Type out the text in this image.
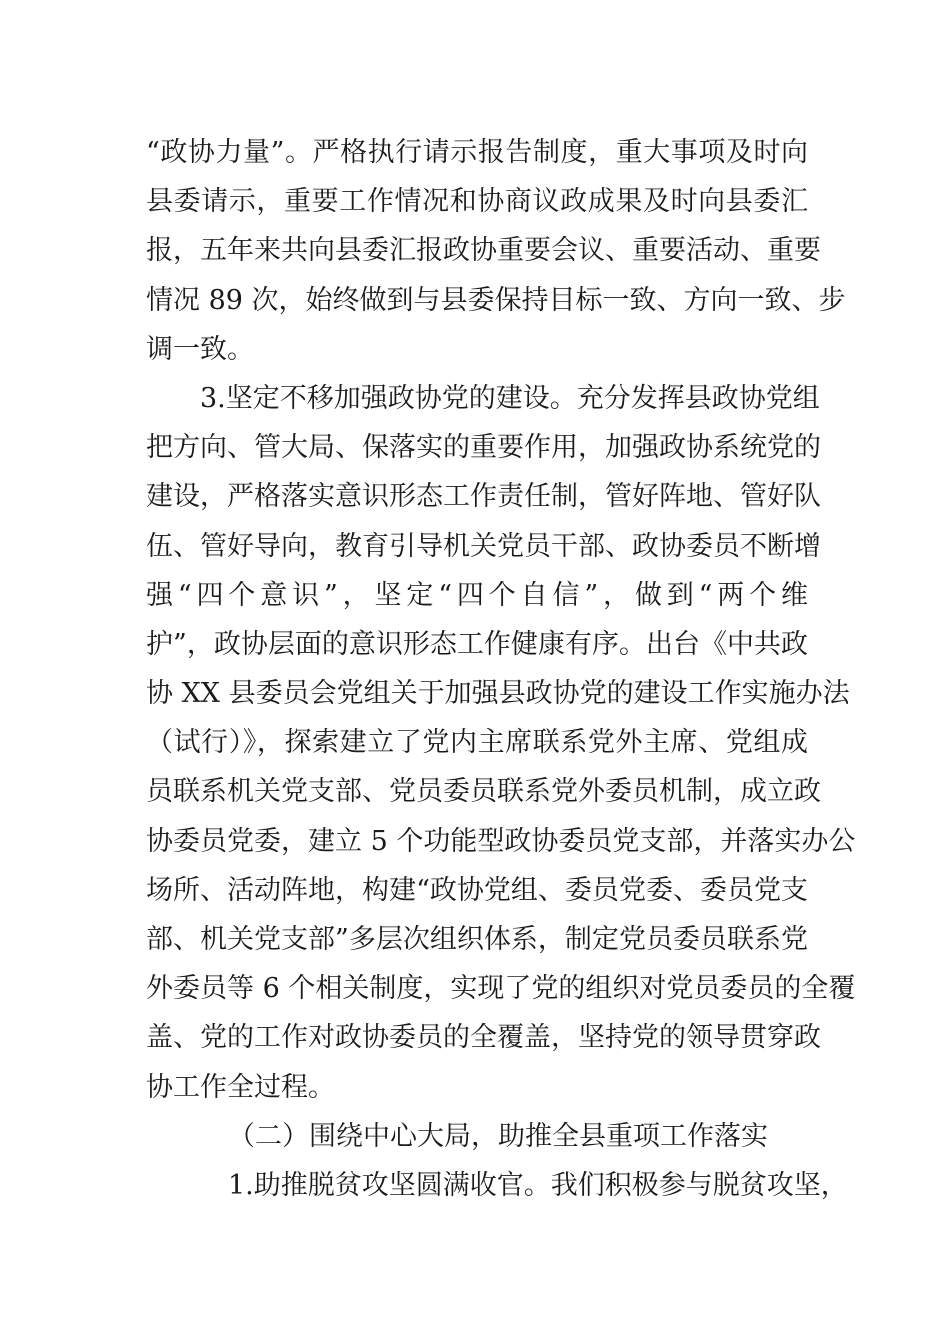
“政协力量”。严格执行请示报告制度，重大事项及时向
县委请示，重要工作情况和协商议政成果及时向县委汇
报，五年来共向县委汇报政协重要会议、重要活动、重要
情况 89 次，始终做到与县委保持目标一致、方向一致、步
调一致。
3.坚定不移加强政协党的建设。充分发挥县政协党组
把方向、管大局、保落实的重要作用，加强政协系统党的
建设，严格落实意识形态工作责任制，管好阵地、管好队
伍、管好导向，教育引导机关党员干部、政协委员不断增
强“四个意识”，坚定“四个自信”，做到“两个维
护”，政协层面的意识形态工作健康有序。出台《中共政
协 XX 县委员会党组关于加强县政协党的建设工作实施办法
（试行）》，探索建立了党内主席联系党外主席、党组成
员联系机关党支部、党员委员联系党外委员机制，成立政
协委员党委，建立 5 个功能型政协委员党支部，并落实办公
场所、活动阵地，构建“政协党组、委员党委、委员党支
部、机关党支部”多层次组织体系，制定党员委员联系党
外委员等 6 个相关制度，实现了党的组织对党员委员的全覆
盖、党的工作对政协委员的全覆盖，坚持党的领导贯穿政
协工作全过程。
（二）围绕中心大局，助推全县重项工作落实
1.助推脱贫攻坚圆满收官。我们积极参与脱贫攻坚，
